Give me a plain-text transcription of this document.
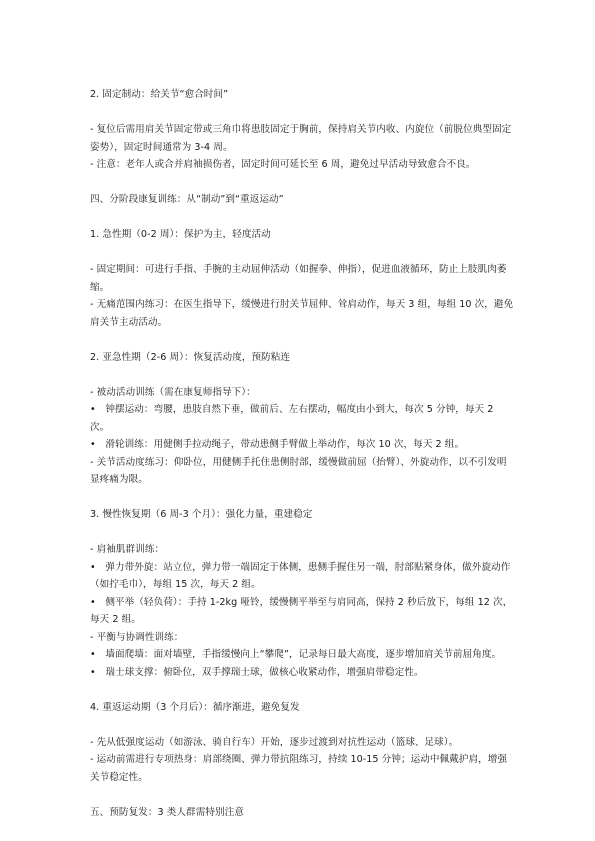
2. 固定制动：给关节“愈合时间”

- 复位后需用肩关节固定带或三角巾将患肢固定于胸前，保持肩关节内收、内旋位（前脱位典型固定姿势），固定时间通常为 3-4 周。

- 注意：老年人或合并肩袖损伤者，固定时间可延长至 6 周，避免过早活动导致愈合不良。

四、分阶段康复训练：从“制动”到“重返运动”

1. 急性期（0-2 周）：保护为主，轻度活动

- 固定期间：可进行手指、手腕的主动屈伸活动（如握拳、伸指），促进血液循环，防止上肢肌肉萎缩。

- 无痛范围内练习：在医生指导下，缓慢进行肘关节屈伸、耸肩动作，每天 3 组，每组 10 次，避免肩关节主动活动。

2. 亚急性期（2-6 周）：恢复活动度，预防粘连

- 被动活动训练（需在康复师指导下）：

•　钟摆运动：弯腰，患肢自然下垂，做前后、左右摆动，幅度由小到大，每次 5 分钟，每天 2 次。

•　滑轮训练：用健侧手拉动绳子，带动患侧手臂做上举动作，每次 10 次，每天 2 组。

- 关节活动度练习：仰卧位，用健侧手托住患侧肘部，缓慢做前屈（抬臂）、外旋动作，以不引发明显疼痛为限。

3. 慢性恢复期（6 周-3 个月）：强化力量，重建稳定

- 肩袖肌群训练：

•　弹力带外旋：站立位，弹力带一端固定于体侧，患侧手握住另一端，肘部贴紧身体，做外旋动作（如拧毛巾），每组 15 次，每天 2 组。

•　侧平举（轻负荷）：手持 1-2kg 哑铃，缓慢侧平举至与肩同高，保持 2 秒后放下，每组 12 次，每天 2 组。

- 平衡与协调性训练：

•　墙面爬墙：面对墙壁，手指缓慢向上“攀爬”，记录每日最大高度，逐步增加肩关节前屈角度。

•　瑞士球支撑：俯卧位，双手撑瑞士球，做核心收紧动作，增强肩带稳定性。

4. 重返运动期（3 个月后）：循序渐进，避免复发

- 先从低强度运动（如游泳、骑自行车）开始，逐步过渡到对抗性运动（篮球、足球）。

- 运动前需进行专项热身：肩部绕圈、弹力带抗阻练习，持续 10-15 分钟；运动中佩戴护肩，增强关节稳定性。

五、预防复发：3 类人群需特别注意
